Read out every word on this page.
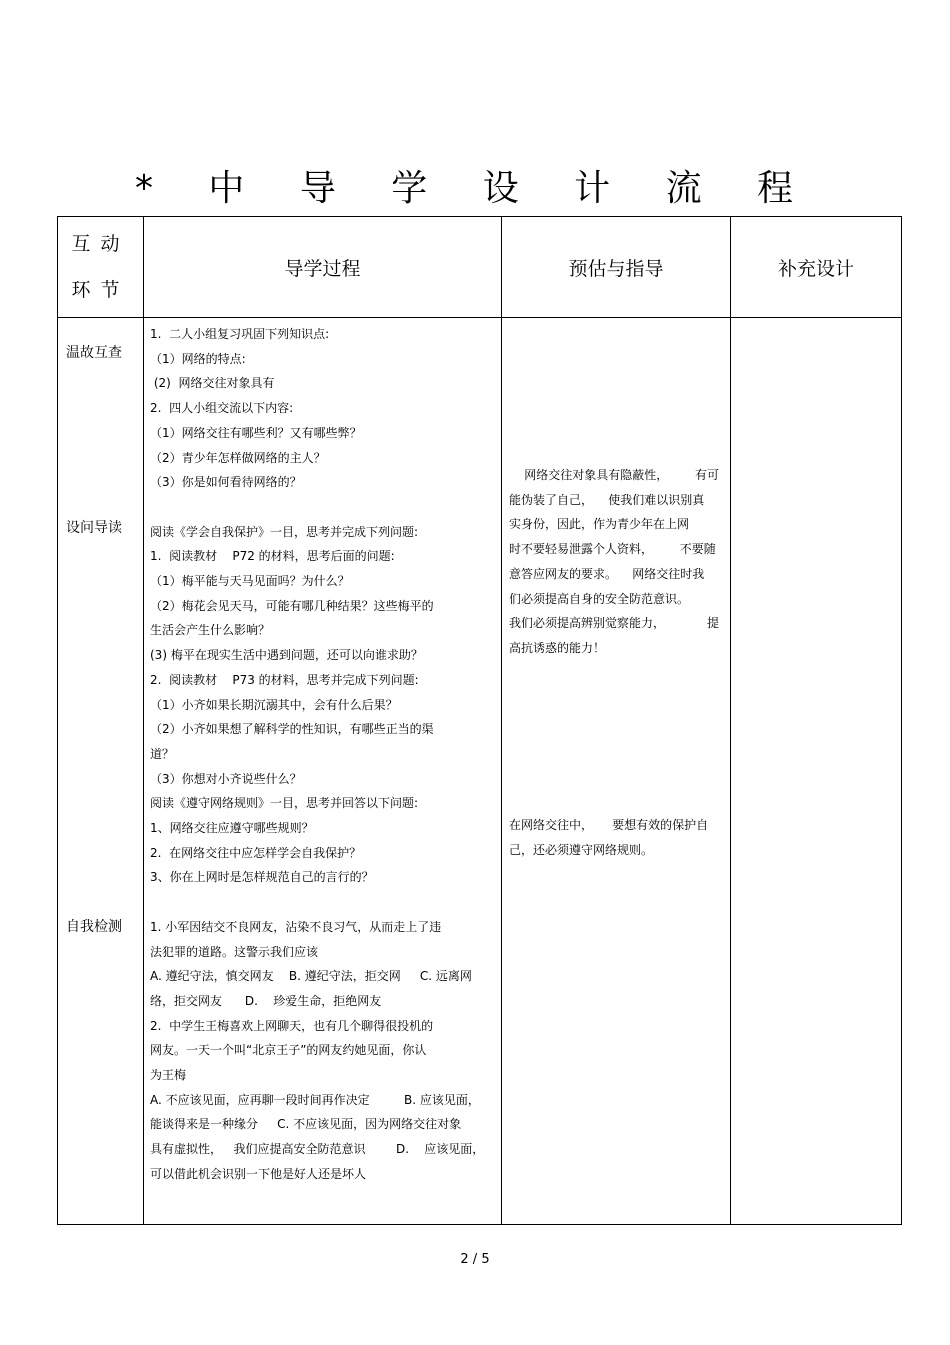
* 中 导 学 设 计 流 程
互动
环节
导学过程	预估与指导	补充设计
温故互查
设问导读
自我检测

1.  二人小组复习巩固下列知识点:

（1）网络的特点:

(2)  网络交往对象具有

2.  四人小组交流以下内容:

（1）网络交往有哪些利？又有哪些弊？

（2）青少年怎样做网络的主人？

（3）你是如何看待网络的？

阅读《学会自我保护》一目，思考并完成下列问题:

1.  阅读教材    P72 的材料，思考后面的问题:

（1）梅平能与天马见面吗？为什么？

（2）梅花会见天马，可能有哪几种结果？这些梅平的

生活会产生什么影响？

(3) 梅平在现实生活中遇到问题，还可以向谁求助？

2.  阅读教材    P73 的材料，思考并完成下列问题:

（1）小齐如果长期沉溺其中，会有什么后果？

（2）小齐如果想了解科学的性知识，有哪些正当的渠

道？

（3）你想对小齐说些什么？

阅读《遵守网络规则》一目，思考并回答以下问题:

1、网络交往应遵守哪些规则？

2.  在网络交往中应怎样学会自我保护？

3、你在上网时是怎样规范自己的言行的？

1. 小军因结交不良网友，沾染不良习气，从而走上了违

法犯罪的道路。这警示我们应该

A. 遵纪守法，慎交网友    B. 遵纪守法，拒交网     C. 远离网

络，拒交网友      D.    珍爱生命，拒绝网友

2.  中学生王梅喜欢上网聊天，也有几个聊得很投机的

网友。一天一个叫“北京王子”的网友约她见面，你认

为王梅

A. 不应该见面，应再聊一段时间再作决定         B. 应该见面，

能谈得来是一种缘分     C. 不应该见面，因为网络交往对象

具有虚拟性，   我们应提高安全防范意识        D.    应该见面，

可以借此机会识别一下他是好人还是坏人

网络交往对象具有隐蔽性，       有可

能伪装了自己，    使我们难以识别真

实身份，因此，作为青少年在上网

时不要轻易泄露个人资料，       不要随

意答应网友的要求。    网络交往时我

们必须提高自身的安全防范意识。

我们必须提高辨别觉察能力，           提

高抗诱惑的能力！

在网络交往中，     要想有效的保护自

己，还必须遵守网络规则。

2 / 5
